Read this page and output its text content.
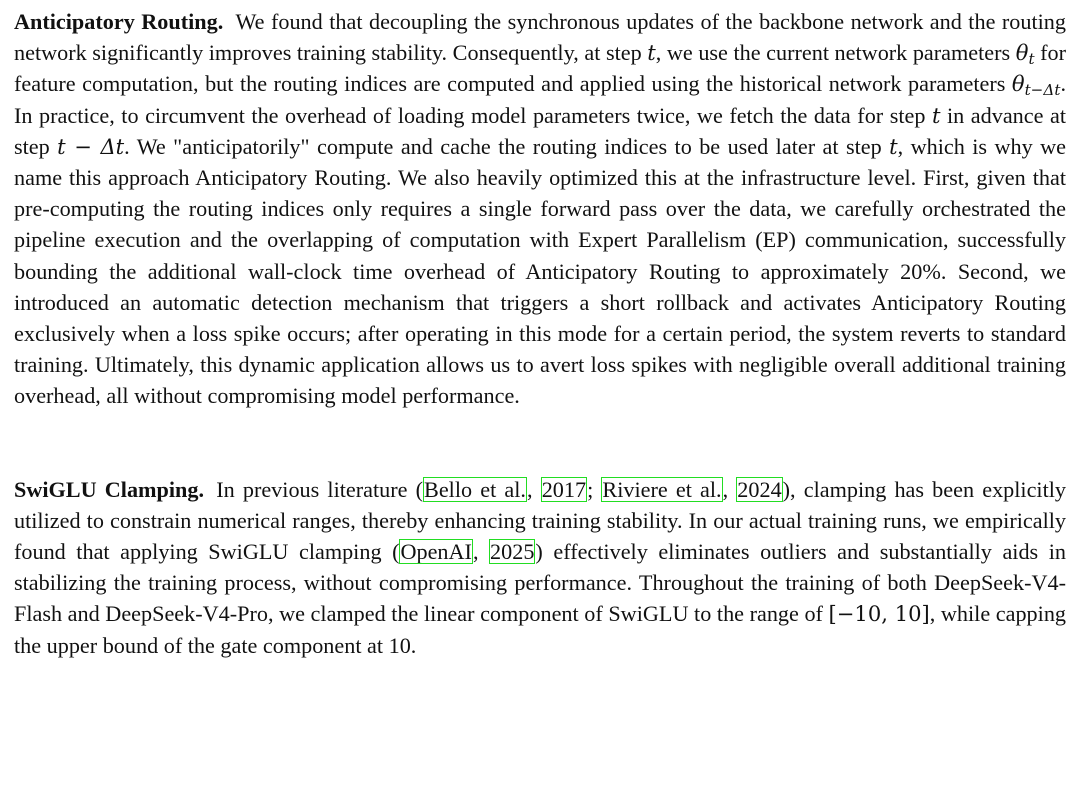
Anticipatory Routing. We found that decoupling the synchronous updates of the backbone network and the routing network significantly improves training stability. Consequently, at step t, we use the current network parameters $\theta_t$ for feature computation, but the routing indices are computed and applied using the historical network parameters $\theta_{t-\Delta t}$. In practice, to circumvent the overhead of loading model parameters twice, we fetch the data for step t in advance at step t − Δt. We "anticipatorily" compute and cache the routing indices to be used later at step t, which is why we name this approach Anticipatory Routing. We also heavily optimized this at the infrastructure level. First, given that pre-computing the routing indices only requires a single forward pass over the data, we carefully orchestrated the pipeline execution and the overlapping of computation with Expert Parallelism (EP) communication, successfully bounding the additional wall-clock time overhead of Anticipatory Routing to approximately 20%. Second, we introduced an automatic detection mechanism that triggers a short rollback and activates Anticipatory Routing exclusively when a loss spike occurs; after operating in this mode for a certain period, the system reverts to standard training. Ultimately, this dynamic application allows us to avert loss spikes with negligible overall additional training overhead, all without compromising model performance.

SwiGLU Clamping. In previous literature (Bello et al., 2017; Riviere et al., 2024), clamping has been explicitly utilized to constrain numerical ranges, thereby enhancing training stability. In our actual training runs, we empirically found that applying SwiGLU clamping (OpenAI, 2025) effectively eliminates outliers and substantially aids in stabilizing the training process, without compromising performance. Throughout the training of both DeepSeek-V4-Flash and DeepSeek-V4-Pro, we clamped the linear component of SwiGLU to the range of [−10, 10], while capping the upper bound of the gate component at 10.
